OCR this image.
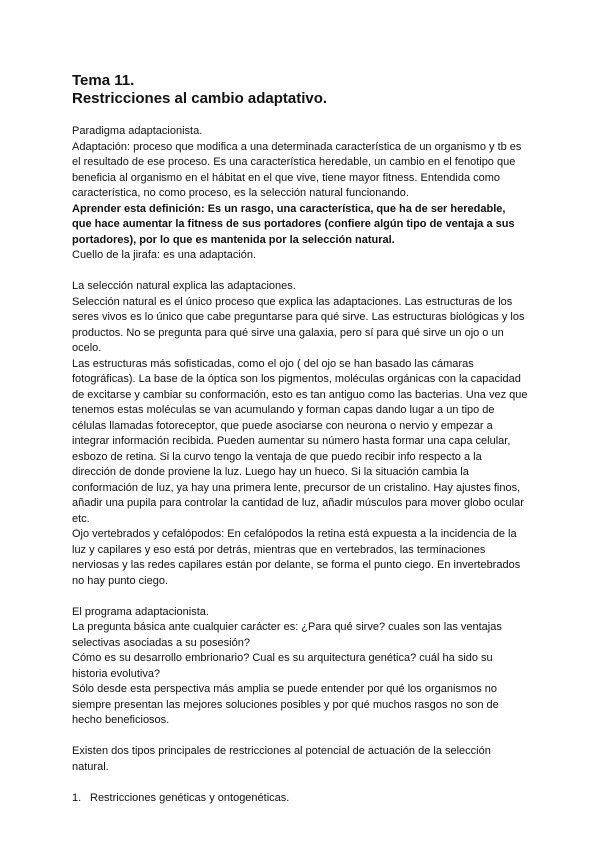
Tema 11.
Restricciones al cambio adaptativo.

Paradigma adaptacionista.

Adaptación: proceso que modifica a una determinada característica de un organismo y tb es el resultado de ese proceso. Es una característica heredable, un cambio en el fenotipo que beneficia al organismo en el hábitat en el que vive, tiene mayor fitness. Entendida como característica, no como proceso, es la selección natural funcionando.

Aprender esta definición: Es un rasgo, una característica, que ha de ser heredable, que hace aumentar la fitness de sus portadores (confiere algún tipo de ventaja a sus portadores), por lo que es mantenida por la selección natural.

Cuello de la jirafa: es una adaptación.

La selección natural explica las adaptaciones.

Selección natural es el único proceso que explica las adaptaciones. Las estructuras de los seres vivos es lo único que cabe preguntarse para qué sirve. Las estructuras biológicas y los productos. No se pregunta para qué sirve una galaxia, pero sí para qué sirve un ojo o un ocelo.

Las estructuras más sofisticadas, como el ojo ( del ojo se han basado las cámaras fotográficas). La base de la óptica son los pigmentos, moléculas orgánicas con la capacidad de excitarse y cambiar su conformación, esto es tan antiguo como las bacterias. Una vez que tenemos estas moléculas se van acumulando y forman capas dando lugar a un tipo de células llamadas fotoreceptor, que puede asociarse con neurona o nervio y empezar a integrar información recibida. Pueden aumentar su número hasta formar una capa celular, esbozo de retina. Si la curvo tengo la ventaja de que puedo recibir info respecto a la dirección de donde proviene la luz. Luego hay un hueco. Si la situación cambia la conformación de luz, ya hay una primera lente, precursor de un cristalino. Hay ajustes finos, añadir una pupila para controlar la cantidad de luz, añadir músculos para mover globo ocular etc.

Ojo vertebrados y cefalópodos: En cefalópodos la retina está expuesta a la incidencia de la luz y capilares y eso está por detrás, mientras que en vertebrados, las terminaciones nerviosas y las redes capilares están por delante, se forma el punto ciego. En invertebrados no hay punto ciego.

El programa adaptacionista.

La pregunta básica ante cualquier carácter es: ¿Para qué sirve? cuales son las ventajas selectivas asociadas a su posesión?

Cómo es su desarrollo embrionario? Cual es su arquitectura genética? cuál ha sido su historia evolutiva?

Sólo desde esta perspectiva más amplia se puede entender por qué los organismos no siempre presentan las mejores soluciones posibles y por qué muchos rasgos no son de hecho beneficiosos.

Existen dos tipos principales de restricciones al potencial de actuación de la selección natural.

1. Restricciones genéticas y ontogenéticas.
